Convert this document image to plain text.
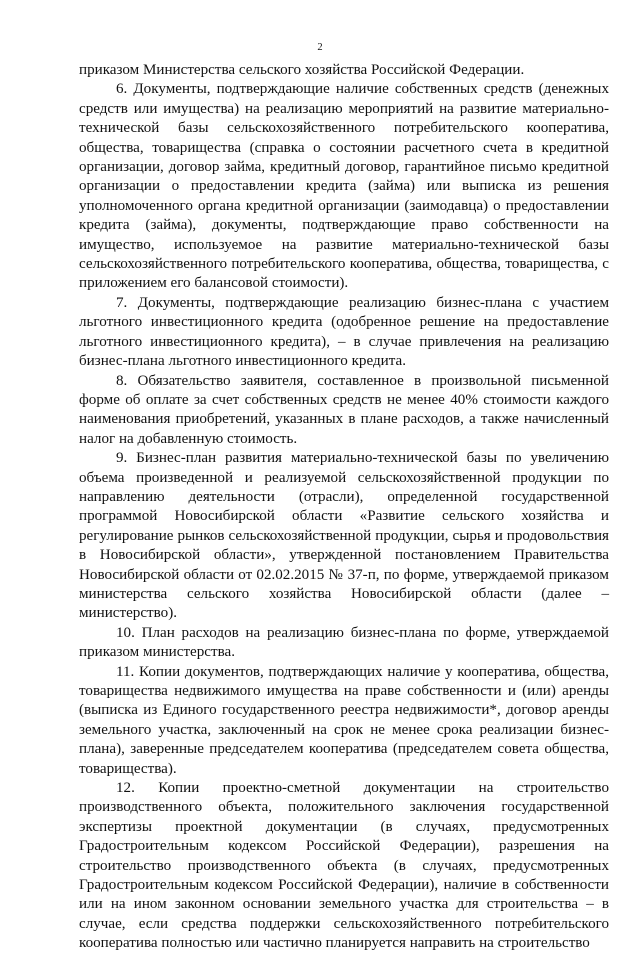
2

приказом Министерства сельского хозяйства Российской Федерации.

6. Документы, подтверждающие наличие собственных средств (денежных средств или имущества) на реализацию мероприятий на развитие материально-технической базы сельскохозяйственного потребительского кооператива, общества, товарищества (справка о состоянии расчетного счета в кредитной организации, договор займа, кредитный договор, гарантийное письмо кредитной организации о предоставлении кредита (займа) или выписка из решения уполномоченного органа кредитной организации (заимодавца) о предоставлении кредита (займа), документы, подтверждающие право собственности на имущество, используемое на развитие материально-технической базы сельскохозяйственного потребительского кооператива, общества, товарищества, с приложением его балансовой стоимости).

7. Документы, подтверждающие реализацию бизнес-плана с участием льготного инвестиционного кредита (одобренное решение на предоставление льготного инвестиционного кредита), – в случае привлечения на реализацию бизнес-плана льготного инвестиционного кредита.

8. Обязательство заявителя, составленное в произвольной письменной форме об оплате за счет собственных средств не менее 40% стоимости каждого наименования приобретений, указанных в плане расходов, а также начисленный налог на добавленную стоимость.

9. Бизнес-план развития материально-технической базы по увеличению объема произведенной и реализуемой сельскохозяйственной продукции по направлению деятельности (отрасли), определенной государственной программой Новосибирской области «Развитие сельского хозяйства и регулирование рынков сельскохозяйственной продукции, сырья и продовольствия в Новосибирской области», утвержденной постановлением Правительства Новосибирской области от 02.02.2015 № 37-п, по форме, утверждаемой приказом министерства сельского хозяйства Новосибирской области (далее – министерство).

10. План расходов на реализацию бизнес-плана по форме, утверждаемой приказом министерства.

11. Копии документов, подтверждающих наличие у кооператива, общества, товарищества недвижимого имущества на праве собственности и (или) аренды (выписка из Единого государственного реестра недвижимости*, договор аренды земельного участка, заключенный на срок не менее срока реализации бизнес-плана), заверенные председателем кооператива (председателем совета общества, товарищества).

12. Копии проектно-сметной документации на строительство производственного объекта, положительного заключения государственной экспертизы проектной документации (в случаях, предусмотренных Градостроительным кодексом Российской Федерации), разрешения на строительство производственного объекта (в случаях, предусмотренных Градостроительным кодексом Российской Федерации), наличие в собственности или на ином законном основании земельного участка для строительства – в случае, если средства поддержки сельскохозяйственного потребительского кооператива полностью или частично планируется направить на строительство
